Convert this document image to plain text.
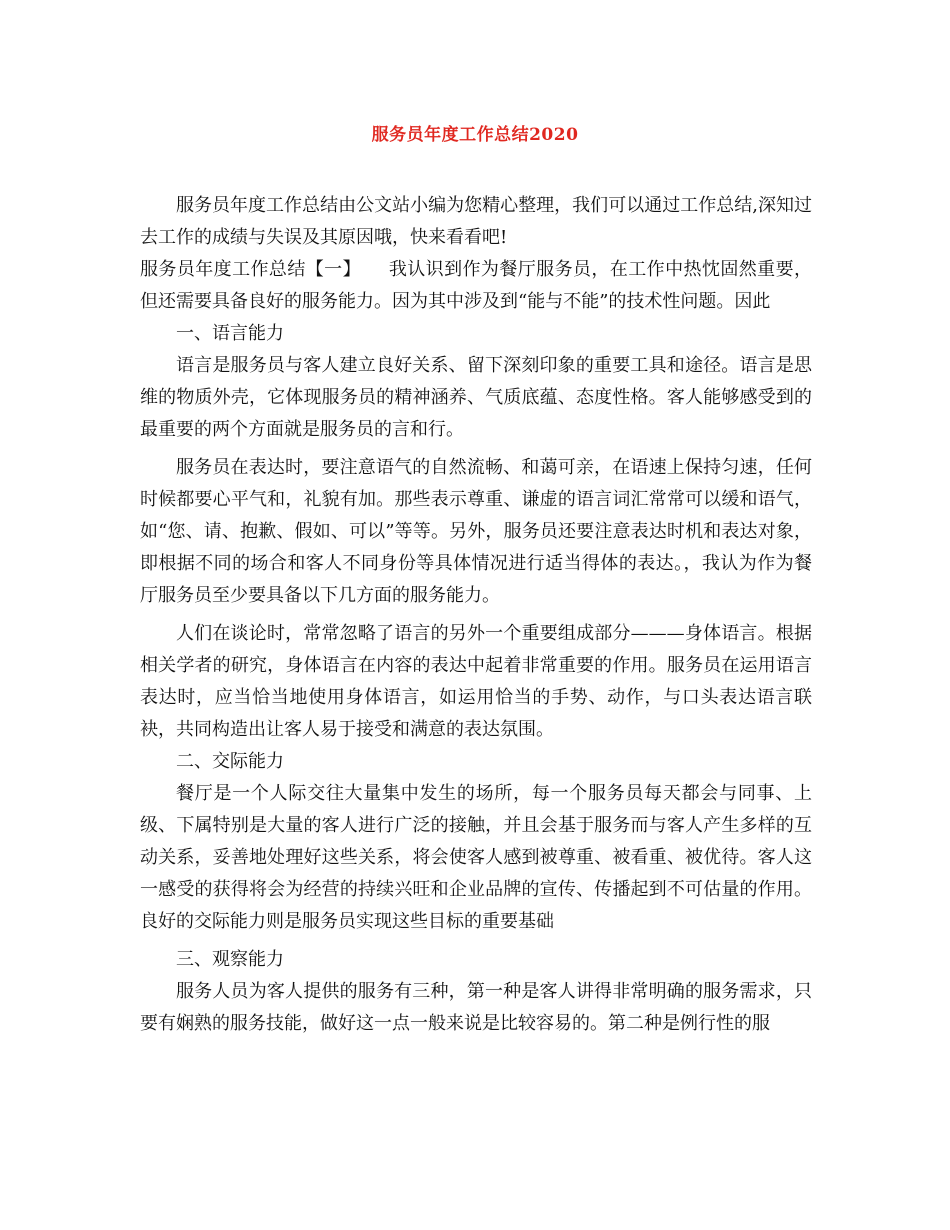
服务员年度工作总结2020

服务员年度工作总结由公文站小编为您精心整理，我们可以通过工作总结,深知过去工作的成绩与失误及其原因哦，快来看看吧!

服务员年度工作总结【一】　　我认识到作为餐厅服务员，在工作中热忱固然重要，但还需要具备良好的服务能力。因为其中涉及到“能与不能”的技术性问题。因此

一、语言能力

语言是服务员与客人建立良好关系、留下深刻印象的重要工具和途径。语言是思维的物质外壳，它体现服务员的精神涵养、气质底蕴、态度性格。客人能够感受到的最重要的两个方面就是服务员的言和行。

服务员在表达时，要注意语气的自然流畅、和蔼可亲，在语速上保持匀速，任何时候都要心平气和，礼貌有加。那些表示尊重、谦虚的语言词汇常常可以缓和语气，如“您、请、抱歉、假如、可以”等等。另外，服务员还要注意表达时机和表达对象，即根据不同的场合和客人不同身份等具体情况进行适当得体的表达。，我认为作为餐厅服务员至少要具备以下几方面的服务能力。

人们在谈论时，常常忽略了语言的另外一个重要组成部分———身体语言。根据相关学者的研究，身体语言在内容的表达中起着非常重要的作用。服务员在运用语言表达时，应当恰当地使用身体语言，如运用恰当的手势、动作，与口头表达语言联袂，共同构造出让客人易于接受和满意的表达氛围。

二、交际能力

餐厅是一个人际交往大量集中发生的场所，每一个服务员每天都会与同事、上级、下属特别是大量的客人进行广泛的接触，并且会基于服务而与客人产生多样的互动关系，妥善地处理好这些关系，将会使客人感到被尊重、被看重、被优待。客人这一感受的获得将会为经营的持续兴旺和企业品牌的宣传、传播起到不可估量的作用。良好的交际能力则是服务员实现这些目标的重要基础

三、观察能力

服务人员为客人提供的服务有三种，第一种是客人讲得非常明确的服务需求，只要有娴熟的服务技能，做好这一点一般来说是比较容易的。第二种是例行性的服
